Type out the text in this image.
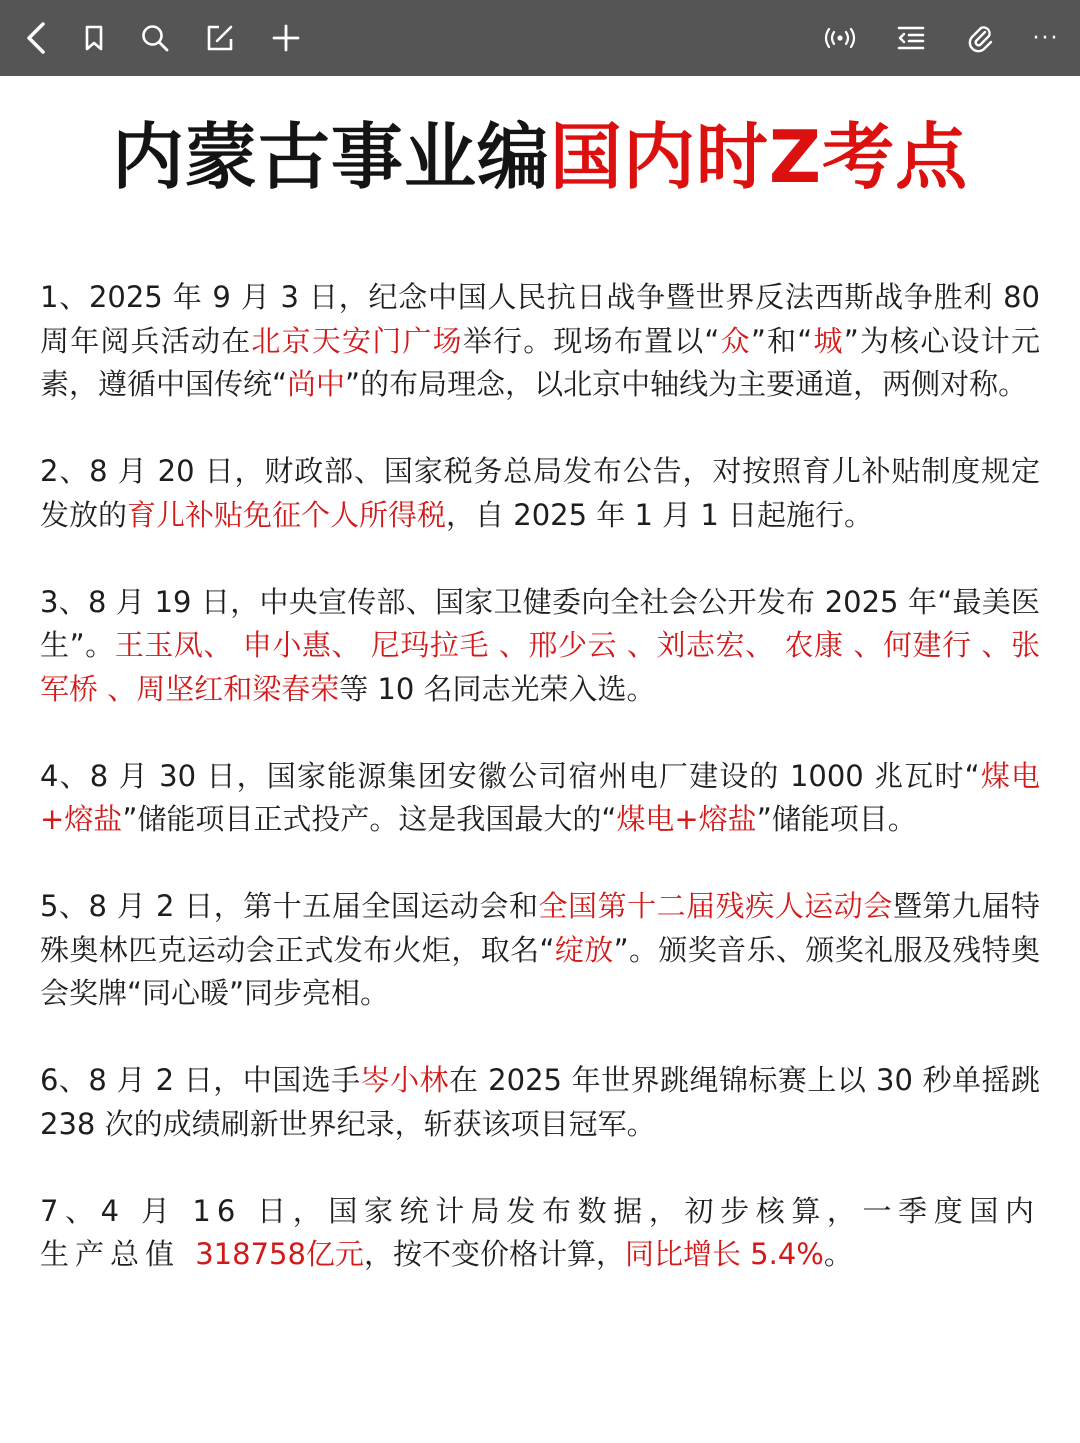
···
内蒙古事业编国内时Z考点

1、2025 年 9 月 3 日，纪念中国人民抗日战争暨世界反法西斯战争胜利 80 周年阅兵活动在北京天安门广场举行。现场布置以“众”和“城”为核心设计元素，遵循中国传统“尚中”的布局理念，以北京中轴线为主要通道，两侧对称。

2、8 月 20 日，财政部、国家税务总局发布公告，对按照育儿补贴制度规定发放的育儿补贴免征个人所得税，自 2025 年 1 月 1 日起施行。

3、8 月 19 日，中央宣传部、国家卫健委向全社会公开发布 2025 年“最美医生”。王玉凤、 申小惠、 尼玛拉毛 、邢少云 、刘志宏、 农康 、何建行 、张军桥 、周坚红和梁春荣等 10 名同志光荣入选。

4、8 月 30 日，国家能源集团安徽公司宿州电厂建设的 1000 兆瓦时“煤电+熔盐”储能项目正式投产。这是我国最大的“煤电+熔盐”储能项目。

5、8 月 2 日，第十五届全国运动会和全国第十二届残疾人运动会暨第九届特殊奥林匹克运动会正式发布火炬，取名“绽放”。颁奖音乐、颁奖礼服及残特奥会奖牌“同心暖”同步亮相。

6、8 月 2 日，中国选手岑小林在 2025 年世界跳绳锦标赛上以 30 秒单摇跳 238 次的成绩刷新世界纪录，斩获该项目冠军。

7、4 月 16 日，国家统计局发布数据，初步核算，一季度国内生产总值 318758亿元，按不变价格计算，同比增长 5.4%。
